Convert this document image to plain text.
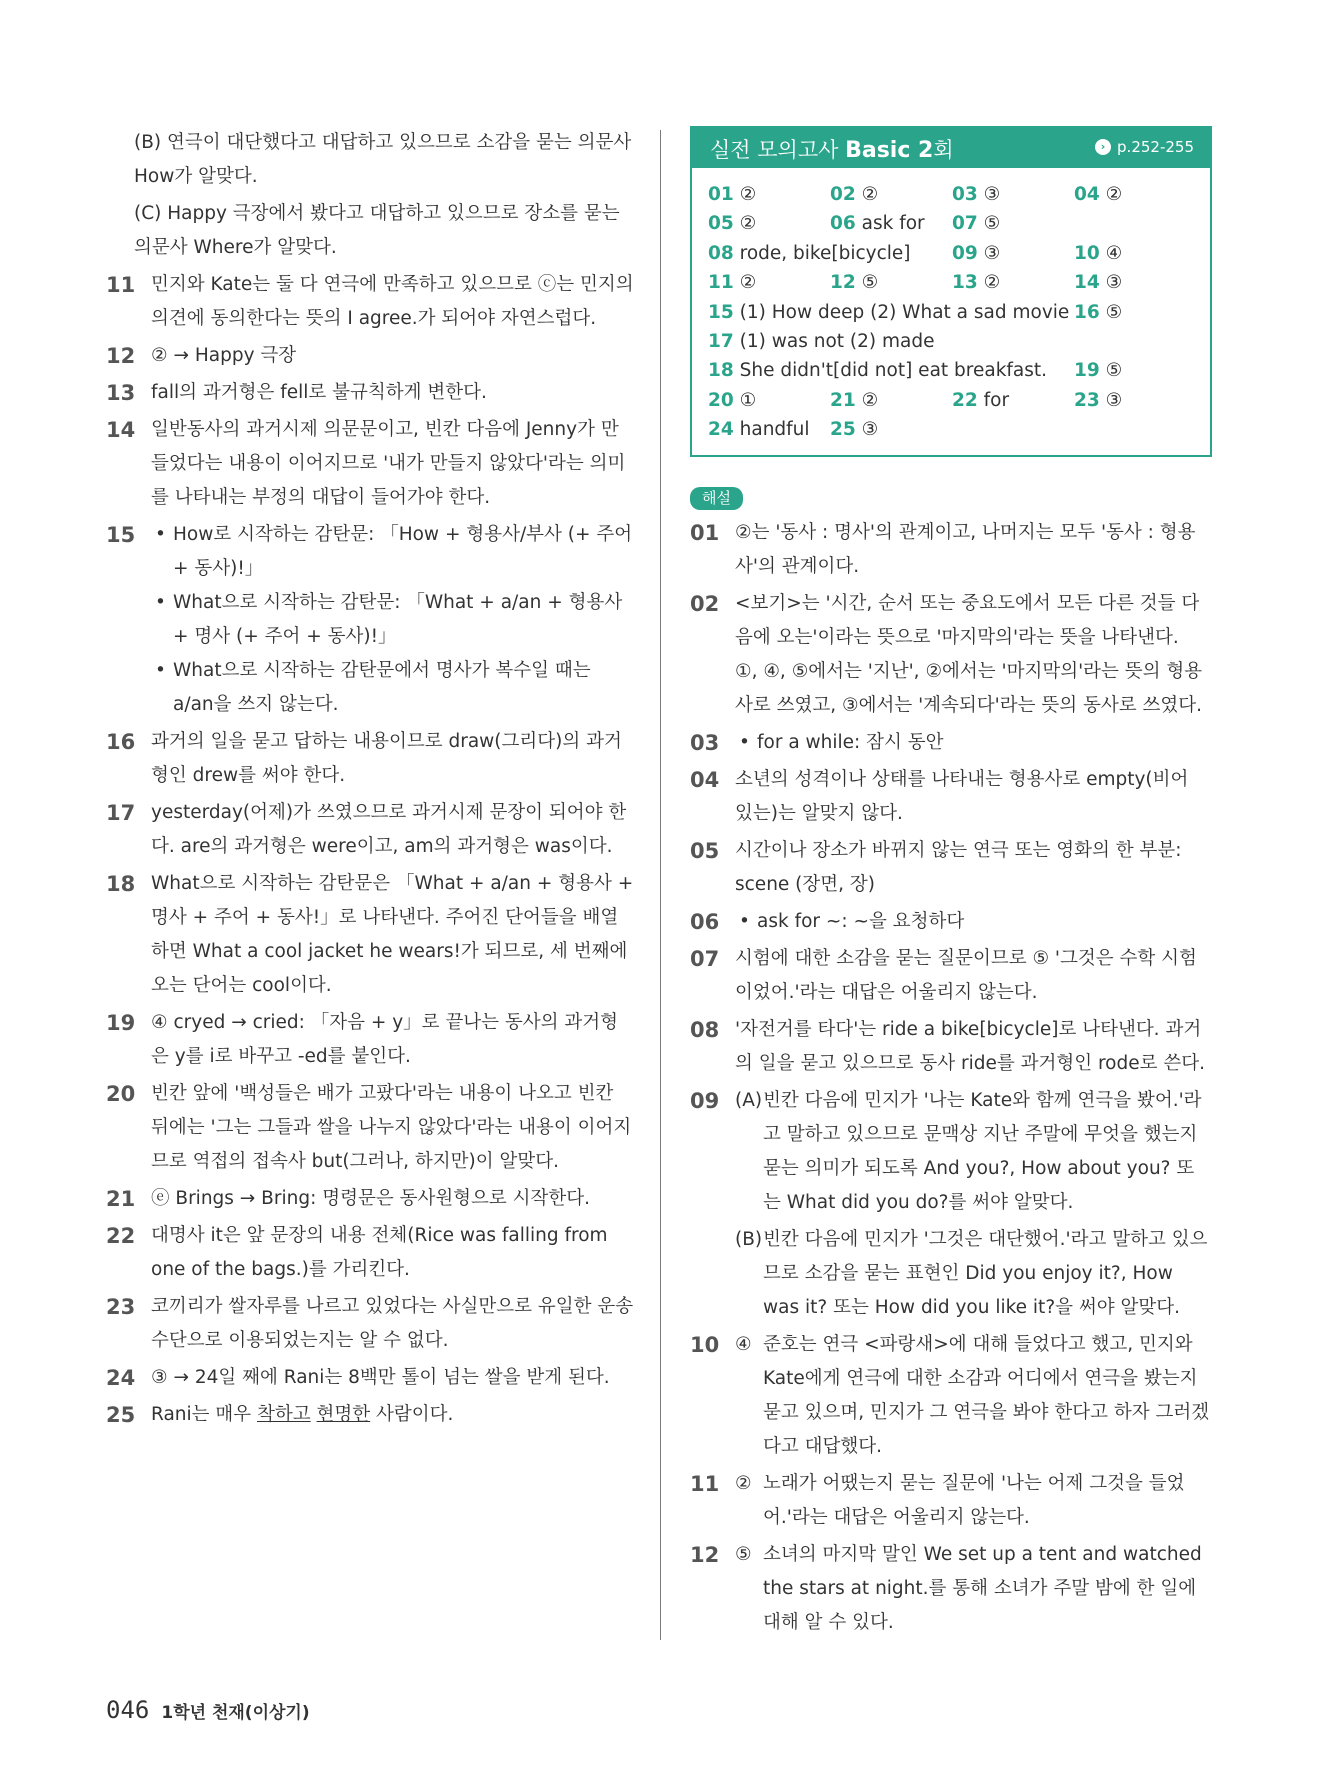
(B) 연극이 대단했다고 대답하고 있으므로 소감을 묻는 의문사 How가 알맞다.
(C) Happy 극장에서 봤다고 대답하고 있으므로 장소를 묻는 의문사 Where가 알맞다.
11 민지와 Kate는 둘 다 연극에 만족하고 있으므로 ⓒ는 민지의 의견에 동의한다는 뜻의 I agree.가 되어야 자연스럽다.
12 ② → Happy 극장
13 fall의 과거형은 fell로 불규칙하게 변한다.
14 일반동사의 과거시제 의문문이고, 빈칸 다음에 Jenny가 만들었다는 내용이 이어지므로 '내가 만들지 않았다'라는 의미를 나타내는 부정의 대답이 들어가야 한다.
15	• How로 시작하는 감탄문: 「How + 형용사/부사 (+ 주어 + 동사)!」
• What으로 시작하는 감탄문: 「What + a/an + 형용사 + 명사 (+ 주어 + 동사)!」
• What으로 시작하는 감탄문에서 명사가 복수일 때는 a/an을 쓰지 않는다.
16 과거의 일을 묻고 답하는 내용이므로 draw(그리다)의 과거형인 drew를 써야 한다.
17 yesterday(어제)가 쓰였으므로 과거시제 문장이 되어야 한다. are의 과거형은 were이고, am의 과거형은 was이다.
18 What으로 시작하는 감탄문은 「What + a/an + 형용사 + 명사 + 주어 + 동사!」로 나타낸다. 주어진 단어들을 배열하면 What a cool jacket he wears!가 되므로, 세 번째에 오는 단어는 cool이다.
19 ④ cryed → cried: 「자음 + y」로 끝나는 동사의 과거형은 y를 i로 바꾸고 -ed를 붙인다.
20 빈칸 앞에 '백성들은 배가 고팠다'라는 내용이 나오고 빈칸 뒤에는 '그는 그들과 쌀을 나누지 않았다'라는 내용이 이어지므로 역접의 접속사 but(그러나, 하지만)이 알맞다.
21 ⓔ Brings → Bring: 명령문은 동사원형으로 시작한다.
22 대명사 it은 앞 문장의 내용 전체(Rice was falling from one of the bags.)를 가리킨다.
23 코끼리가 쌀자루를 나르고 있었다는 사실만으로 유일한 운송 수단으로 이용되었는지는 알 수 없다.
24 ③ → 24일 째에 Rani는 8백만 톨이 넘는 쌀을 받게 된다.
25 Rani는 매우 착하고 현명한 사람이다.
실전 모의고사 Basic 2회	› p.252-255
01 ②	02 ②	03 ③	04 ②
05 ②	06 ask for 07 ⑤
08 rode, bike[bicycle] 09 ③	10 ④
11 ②	12 ⑤	13 ②	14 ③
15 (1) How deep (2) What a sad movie 16 ⑤
17 (1) was not (2) made
18 She didn't[did not] eat breakfast. 19 ⑤
20 ①	21 ②	22 for	23 ③
24 handful 25 ③
해설
01 ②는 '동사 : 명사'의 관계이고, 나머지는 모두 '동사 : 형용사'의 관계이다.
02 <보기>는 '시간, 순서 또는 중요도에서 모든 다른 것들 다음에 오는'이라는 뜻으로 '마지막의'라는 뜻을 나타낸다.
①, ④, ⑤에서는 '지난', ②에서는 '마지막의'라는 뜻의 형용사로 쓰였고, ③에서는 '계속되다'라는 뜻의 동사로 쓰였다.
03	• for a while: 잠시 동안
04 소년의 성격이나 상태를 나타내는 형용사로 empty(비어 있는)는 알맞지 않다.
05 시간이나 장소가 바뀌지 않는 연극 또는 영화의 한 부분: scene (장면, 장)
06	• ask for ~: ~을 요청하다
07 시험에 대한 소감을 묻는 질문이므로 ⑤ '그것은 수학 시험이었어.'라는 대답은 어울리지 않는다.
08 '자전거를 타다'는 ride a bike[bicycle]로 나타낸다. 과거의 일을 묻고 있으므로 동사 ride를 과거형인 rode로 쓴다.
09 (A) 빈칸 다음에 민지가 '나는 Kate와 함께 연극을 봤어.'라고 말하고 있으므로 문맥상 지난 주말에 무엇을 했는지 묻는 의미가 되도록 And you?, How about you? 또는 What did you do?를 써야 알맞다.
(B) 빈칸 다음에 민지가 '그것은 대단했어.'라고 말하고 있으므로 소감을 묻는 표현인 Did you enjoy it?, How was it? 또는 How did you like it?을 써야 알맞다.
10 ④ 준호는 연극 <파랑새>에 대해 들었다고 했고, 민지와 Kate에게 연극에 대한 소감과 어디에서 연극을 봤는지 묻고 있으며, 민지가 그 연극을 봐야 한다고 하자 그러겠다고 대답했다.
11 ② 노래가 어땠는지 묻는 질문에 '나는 어제 그것을 들었어.'라는 대답은 어울리지 않는다.
12 ⑤ 소녀의 마지막 말인 We set up a tent and watched the stars at night.를 통해 소녀가 주말 밤에 한 일에 대해 알 수 있다.
046 1학년 천재(이상기)
